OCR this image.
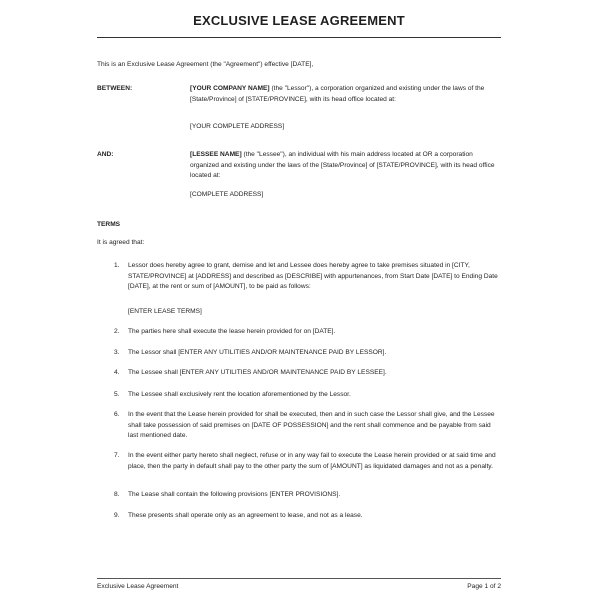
EXCLUSIVE LEASE AGREEMENT
This is an Exclusive Lease Agreement (the "Agreement") effective [DATE],
BETWEEN:	[YOUR COMPANY NAME] (the "Lessor"), a corporation organized and existing under the laws of the [State/Province] of [STATE/PROVINCE], with its head office located at:
[YOUR COMPLETE ADDRESS]
AND:	[LESSEE NAME] (the "Lessee"), an individual with his main address located at OR a corporation organized and existing under the laws of the [State/Province] of [STATE/PROVINCE], with its head office located at:
[COMPLETE ADDRESS]
TERMS
It is agreed that:
1.	Lessor does hereby agree to grant, demise and let and Lessee does hereby agree to take premises situated in [CITY, STATE/PROVINCE] at [ADDRESS] and described as [DESCRIBE] with appurtenances, from Start Date [DATE] to Ending Date [DATE], at the rent or sum of [AMOUNT], to be paid as follows:
[ENTER LEASE TERMS]
2.	The parties here shall execute the lease herein provided for on [DATE].
3.	The Lessor shall [ENTER ANY UTILITIES AND/OR MAINTENANCE PAID BY LESSOR].
4.	The Lessee shall [ENTER ANY UTILITIES AND/OR MAINTENANCE PAID BY LESSEE].
5.	The Lessee shall exclusively rent the location aforementioned by the Lessor.
6.	In the event that the Lease herein provided for shall be executed, then and in such case the Lessor shall give, and the Lessee shall take possession of said premises on [DATE OF POSSESSION] and the rent shall commence and be payable from said last mentioned date.
7.	In the event either party hereto shall neglect, refuse or in any way fail to execute the Lease herein provided or at said time and place, then the party in default shall pay to the other party the sum of [AMOUNT] as liquidated damages and not as a penalty.
8.	The Lease shall contain the following provisions [ENTER PROVISIONS].
9.	These presents shall operate only as an agreement to lease, and not as a lease.
Exclusive Lease Agreement	Page 1 of 2
